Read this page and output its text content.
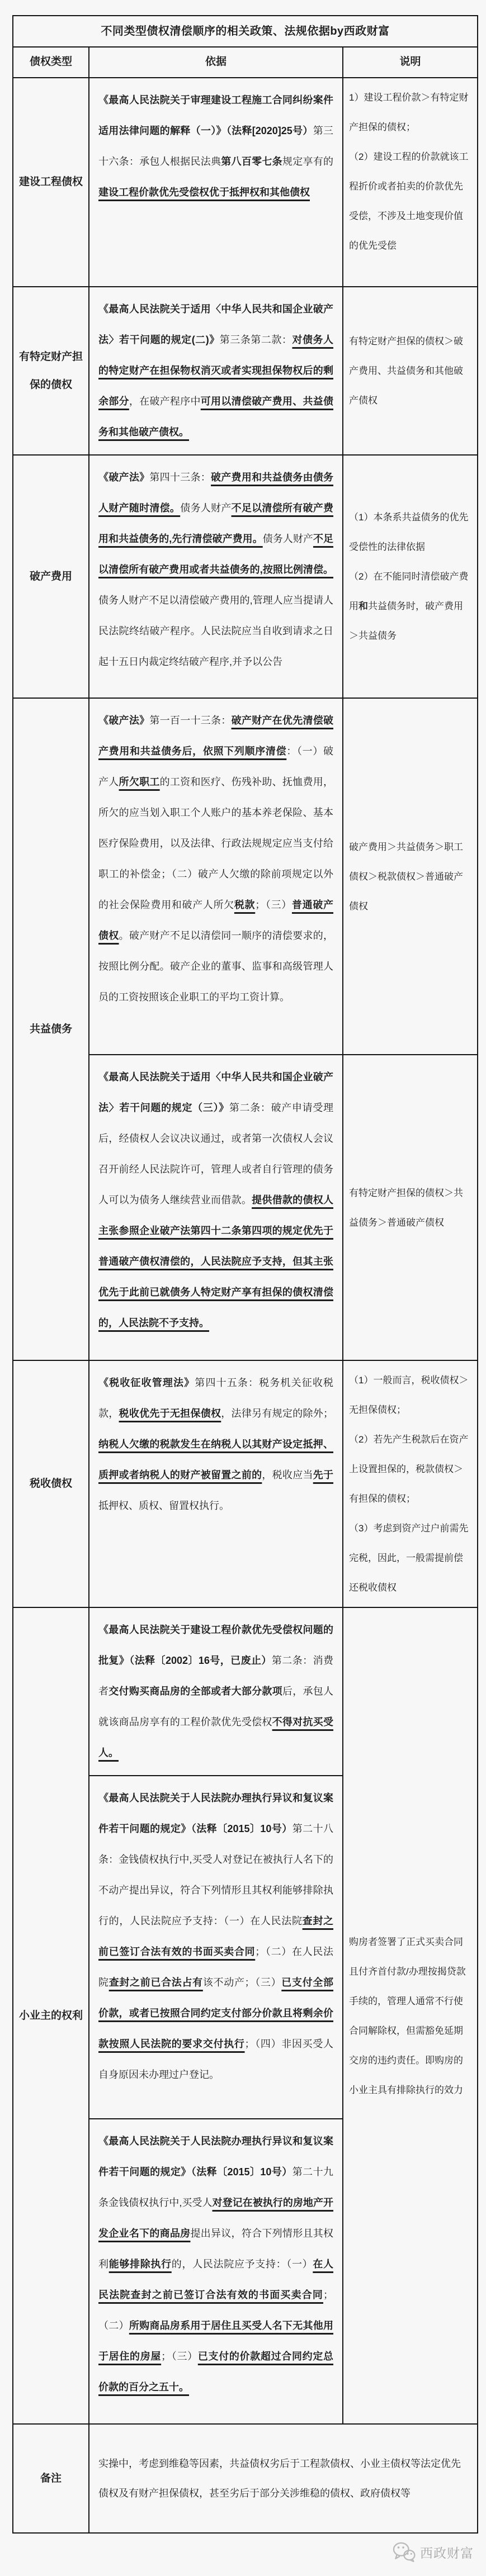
不同类型债权清偿顺序的相关政策、法规依据by西政财富		
债权类型	依据	说明
建设工程债权	《最高人民法院关于审理建设工程施工合同纠纷案件适用法律问题的解释（一）》（法释[2020]25号）第三十六条：承包人根据民法典第八百零七条规定享有的建设工程价款优先受偿权优于抵押权和其他债权	1）建设工程价款＞有特定财产担保的债权；

（2）建设工程的价款就该工程折价或者拍卖的价款优先受偿，不涉及土地变现价值的优先受偿

有特定财产担保的债权	《最高人民法院关于适用〈中华人民共和国企业破产法〉若干问题的规定(二)》第三条第二款：对债务人的特定财产在担保物权消灭或者实现担保物权后的剩余部分，在破产程序中可用以清偿破产费用、共益债务和其他破产债权。	有特定财产担保的债权＞破产费用、共益债务和其他破产债权

破产费用	《破产法》第四十三条：破产费用和共益债务由债务人财产随时清偿。债务人财产不足以清偿所有破产费用和共益债务的,先行清偿破产费用。债务人财产不足以清偿所有破产费用或者共益债务的,按照比例清偿。债务人财产不足以清偿破产费用的,管理人应当提请人民法院终结破产程序。人民法院应当自收到请求之日起十五日内裁定终结破产程序,并予以公告	（1）本条系共益债务的优先受偿性的法律依据

（2）在不能同时清偿破产费用和共益债务时，破产费用＞共益债务

共益债务	《破产法》第一百一十三条：破产财产在优先清偿破产费用和共益债务后，依照下列顺序清偿：（一）破产人所欠职工的工资和医疗、伤残补助、抚恤费用，所欠的应当划入职工个人账户的基本养老保险、基本医疗保险费用，以及法律、行政法规规定应当支付给职工的补偿金；（二）破产人欠缴的除前项规定以外的社会保险费用和破产人所欠税款；（三）普通破产债权。破产财产不足以清偿同一顺序的清偿要求的，按照比例分配。破产企业的董事、监事和高级管理人员的工资按照该企业职工的平均工资计算。	破产费用＞共益债务＞职工债权＞税款债权＞普通破产债权

	《最高人民法院关于适用〈中华人民共和国企业破产法〉若干问题的规定（三）》第二条：破产申请受理后，经债权人会议决议通过，或者第一次债权人会议召开前经人民法院许可，管理人或者自行管理的债务人可以为债务人继续营业而借款。提供借款的债权人主张参照企业破产法第四十二条第四项的规定优先于普通破产债权清偿的，人民法院应予支持，但其主张优先于此前已就债务人特定财产享有担保的债权清偿的，人民法院不予支持。	有特定财产担保的债权＞共益债务＞普通破产债权

税收债权	《税收征收管理法》第四十五条：税务机关征收税款，税收优先于无担保债权，法律另有规定的除外；纳税人欠缴的税款发生在纳税人以其财产设定抵押、质押或者纳税人的财产被留置之前的，税收应当先于抵押权、质权、留置权执行。	（1）一般而言，税收债权＞无担保债权；

（2）若先产生税款后在资产上设置担保的，税款债权＞有担保的债权；

（3）考虑到资产过户前需先完税，因此，一般需提前偿还税收债权

小业主的权利	《最高人民法院关于建设工程价款优先受偿权问题的批复》（法释〔2002〕16号，已废止）第二条：消费者交付购买商品房的全部或者大部分款项后，承包人就该商品房享有的工程价款优先受偿权不得对抗买受人。	购房者签署了正式买卖合同且付齐首付款/办理按揭贷款手续的，管理人通常不行使合同解除权，但需豁免延期交房的违约责任。即购房的小业主具有排除执行的效力

	《最高人民法院关于人民法院办理执行异议和复议案件若干问题的规定》（法释〔2015〕10号）第二十八条：金钱债权执行中,买受人对登记在被执行人名下的不动产提出异议，符合下列情形且其权利能够排除执行的，人民法院应予支持：（一）在人民法院查封之前已签订合法有效的书面买卖合同；（二）在人民法院查封之前已合法占有该不动产；（三）已支付全部价款，或者已按照合同约定支付部分价款且将剩余价款按照人民法院的要求交付执行；（四）非因买受人自身原因未办理过户登记。	

	《最高人民法院关于人民法院办理执行异议和复议案件若干问题的规定》（法释〔2015〕10号）第二十九条金钱债权执行中,买受人对登记在被执行的房地产开发企业名下的商品房提出异议，符合下列情形且其权利能够排除执行的，人民法院应予支持：（一）在人民法院查封之前已签订合法有效的书面买卖合同；（二）所购商品房系用于居住且买受人名下无其他用于居住的房屋；（三）已支付的价款超过合同约定总价款的百分之五十。	

备注	实操中，考虑到维稳等因素，共益债权劣后于工程款债权、小业主债权等法定优先债权及有财产担保债权，甚至劣后于部分关涉维稳的债权、政府债权等	

西政财富
